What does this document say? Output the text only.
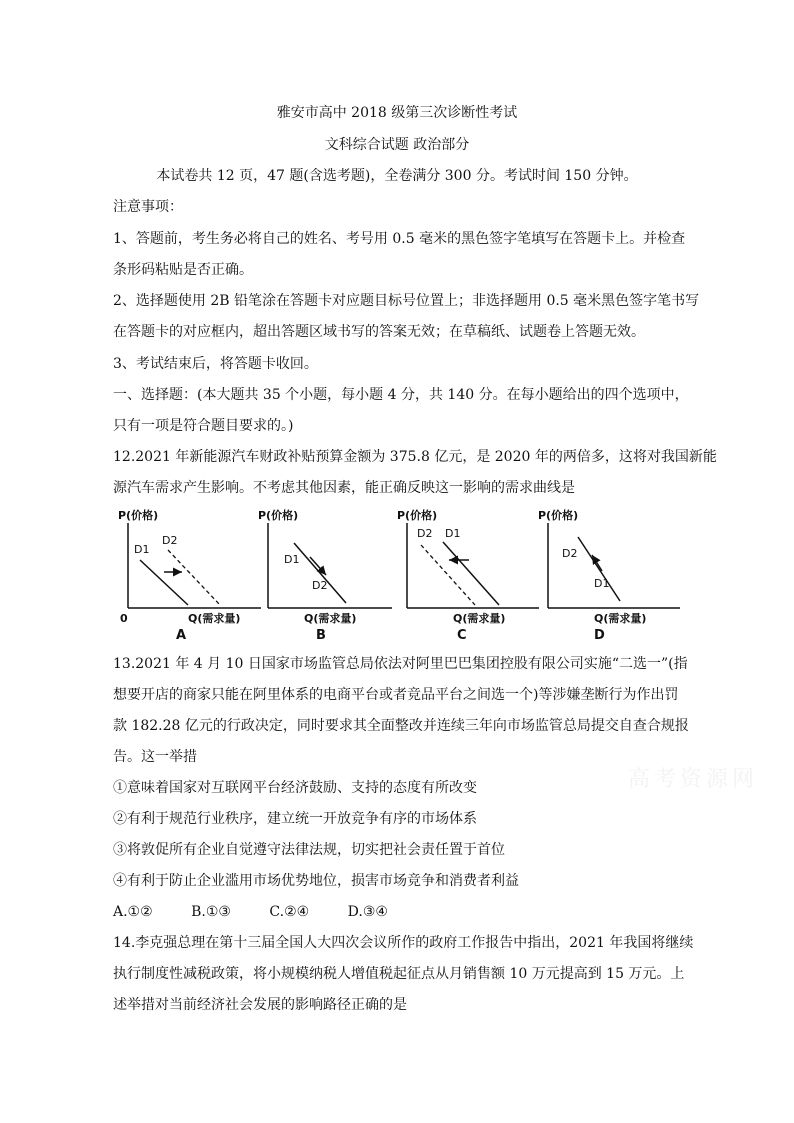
雅安市高中 2018 级第三次诊断性考试
文科综合试题 政治部分
本试卷共 12 页，47 题(含选考题)，全卷满分 300 分。考试时间 150 分钟。
注意事项：
1、答题前，考生务必将自己的姓名、考号用 0.5 毫米的黑色签字笔填写在答题卡上。并检查
条形码粘贴是否正确。
2、选择题使用 2B 铅笔涂在答题卡对应题目标号位置上；非选择题用 0.5 毫米黑色签字笔书写
在答题卡的对应框内，超出答题区域书写的答案无效；在草稿纸、试题卷上答题无效。
3、考试结束后，将答题卡收回。
一、选择题：(本大题共 35 个小题，每小题 4 分，共 140 分。在每小题给出的四个选项中，
只有一项是符合题目要求的。)
12.2021 年新能源汽车财政补贴预算金额为 375.8 亿元，是 2020 年的两倍多，这将对我国新能
源汽车需求产生影响。不考虑其他因素，能正确反映这一影响的需求曲线是
P(价格)
0	Q(需求量)
D1
D2
A
P(价格)
Q(需求量)
D1
D2
B
P(价格)
Q(需求量)
D2 D1
C
P(价格)
Q(需求量)
D2
D1
D
13.2021 年 4 月 10 日国家市场监管总局依法对阿里巴巴集团控股有限公司实施“二选一”(指
想要开店的商家只能在阿里体系的电商平台或者竞品平台之间选一个)等涉嫌垄断行为作出罚
款 182.28 亿元的行政决定，同时要求其全面整改并连续三年向市场监管总局提交自查合规报
告。这一举措
高考资源网
①意味着国家对互联网平台经济鼓励、支持的态度有所改变
②有利于规范行业秩序，建立统一开放竞争有序的市场体系
③将敦促所有企业自觉遵守法律法规，切实把社会责任置于首位
④有利于防止企业滥用市场优势地位，损害市场竞争和消费者利益
A.①②	B.①③	C.②④	D.③④
14.李克强总理在第十三届全国人大四次会议所作的政府工作报告中指出，2021 年我国将继续
执行制度性减税政策，将小规模纳税人增值税起征点从月销售额 10 万元提高到 15 万元。上
述举措对当前经济社会发展的影响路径正确的是
